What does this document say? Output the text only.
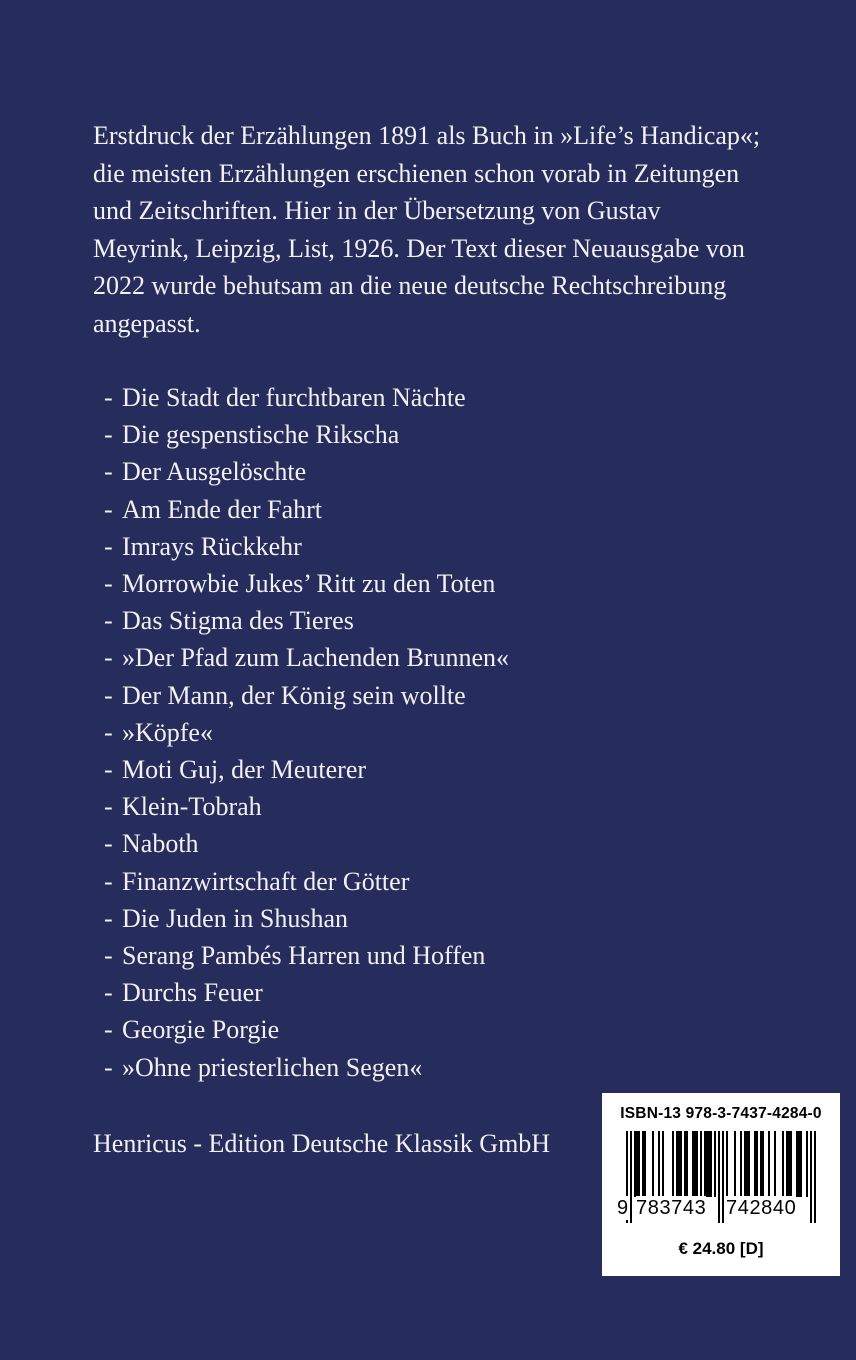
Erstdruck der Erzählungen 1891 als Buch in »Life’s Handicap«;
die meisten Erzählungen erschienen schon vorab in Zeitungen
und Zeitschriften. Hier in der Übersetzung von Gustav
Meyrink, Leipzig, List, 1926. Der Text dieser Neuausgabe von
2022 wurde behutsam an die neue deutsche Rechtschreibung
angepasst.
- Die Stadt der furchtbaren Nächte
- Die gespenstische Rikscha
- Der Ausgelöschte
- Am Ende der Fahrt
- Imrays Rückkehr
- Morrowbie Jukes’ Ritt zu den Toten
- Das Stigma des Tieres
- »Der Pfad zum Lachenden Brunnen«
- Der Mann, der König sein wollte
- »Köpfe«
- Moti Guj, der Meuterer
- Klein-Tobrah
- Naboth
- Finanzwirtschaft der Götter
- Die Juden in Shushan
- Serang Pambés Harren und Hoffen
- Durchs Feuer
- Georgie Porgie
- »Ohne priesterlichen Segen«
Henricus - Edition Deutsche Klassik GmbH
ISBN-13 978-3-7437-4284-0
9 783743 742840
€ 24.80 [D]
